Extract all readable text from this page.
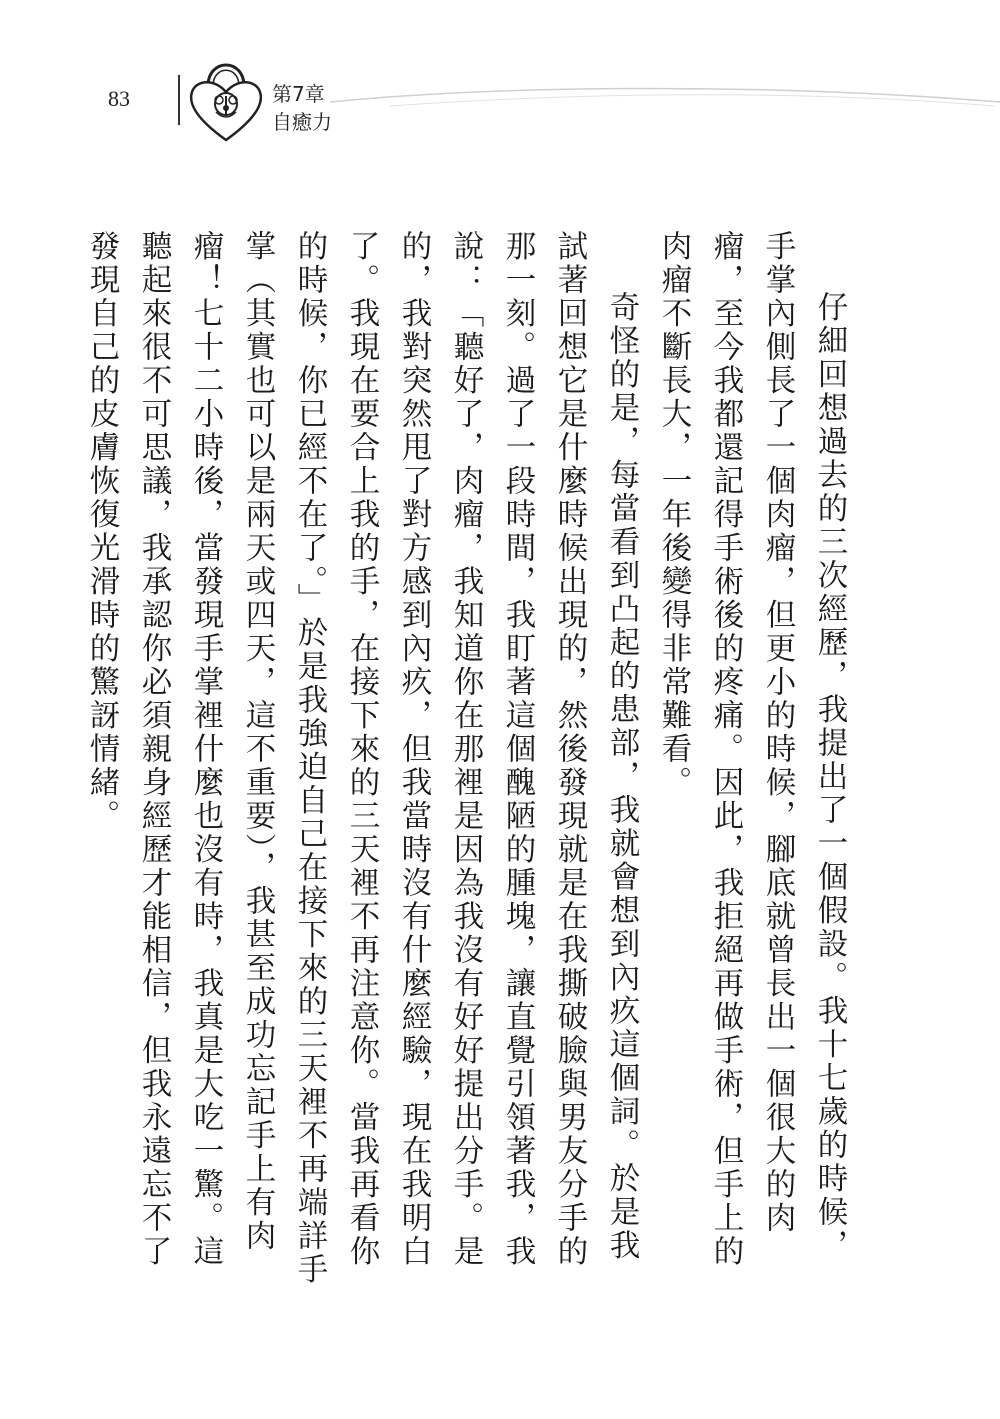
83	第7章
自癒力

仔細回想過去的三次經歷，我提出了一個假設。我十七歲的時候，手掌內側長了一個肉瘤，但更小的時候，腳底就曾長出一個很大的肉瘤，至今我都還記得手術後的疼痛。因此，我拒絕再做手術，但手上的肉瘤不斷長大，一年後變得非常難看。

奇怪的是，每當看到凸起的患部，我就會想到內疚這個詞。於是我試著回想它是什麼時候出現的，然後發現就是在我撕破臉與男友分手的那一刻。過了一段時間，我盯著這個醜陋的腫塊，讓直覺引領著我，我說：「聽好了，肉瘤，我知道你在那裡是因為我沒有好好提出分手。是的，我對突然甩了對方感到內疚，但我當時沒有什麼經驗，現在我明白了。我現在要合上我的手，在接下來的三天裡不再注意你。當我再看你的時候，你已經不在了。」於是我強迫自己在接下來的三天裡不再端詳手掌（其實也可以是兩天或四天，這不重要），我甚至成功忘記手上有肉瘤！七十二小時後，當發現手掌裡什麼也沒有時，我真是大吃一驚。這聽起來很不可思議，我承認你必須親身經歷才能相信，但我永遠忘不了發現自己的皮膚恢復光滑時的驚訝情緒。
